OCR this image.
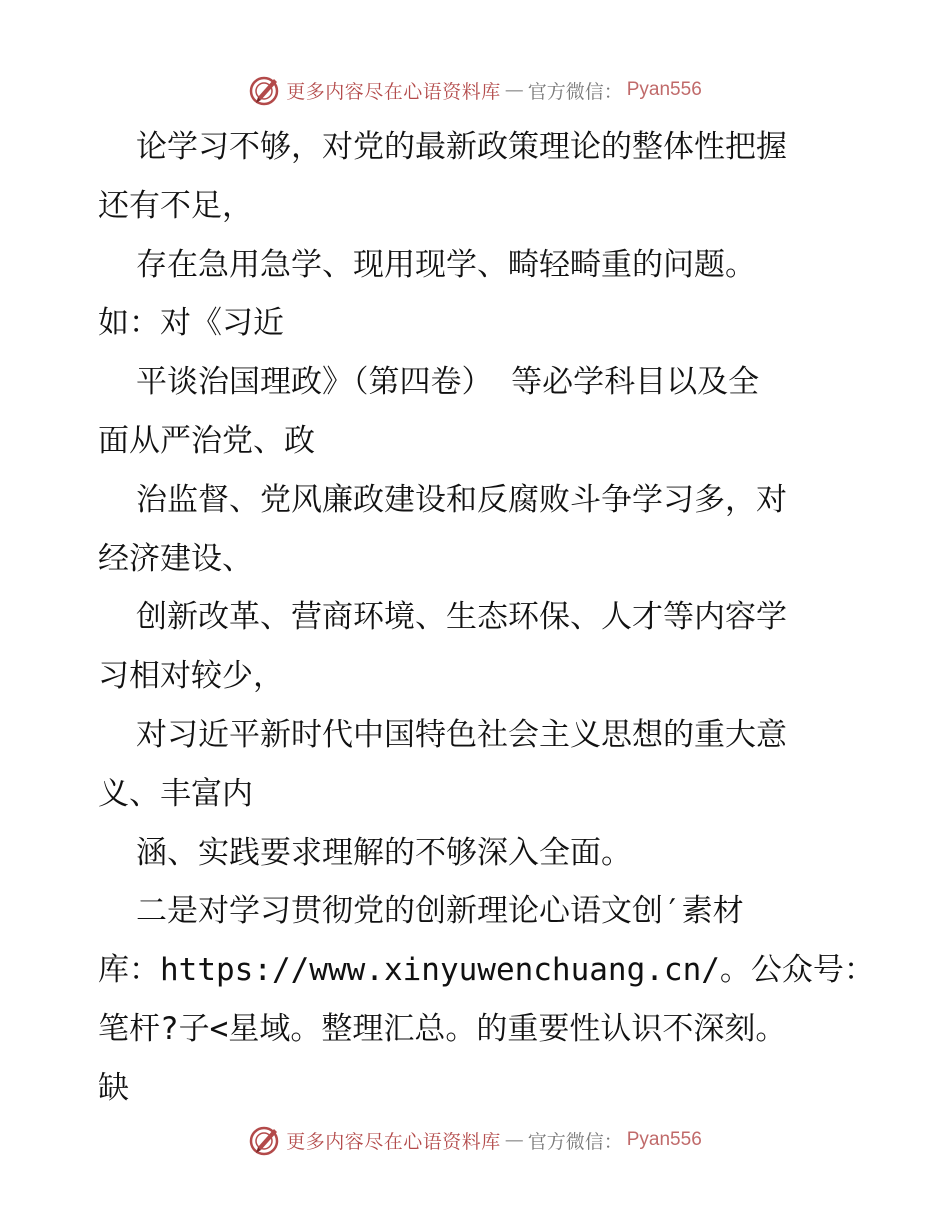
更多内容尽在心语资料库 — 官方微信： Pyan556
论学习不够，对党的最新政策理论的整体性把握
还有不足，
存在急用急学、现用现学、畸轻畸重的问题。
如：对《习近
平谈治国理政》（第四卷） 等必学科目以及全
面从严治党、政
治监督、党风廉政建设和反腐败斗争学习多，对
经济建设、
创新改革、营商环境、生态环保、人才等内容学
习相对较少，
对习近平新时代中国特色社会主义思想的重大意
义、丰富内
涵、实践要求理解的不够深入全面。
二是对学习贯彻党的创新理论心语文创′素材
库：https://www.xinyuwenchuang.cn/。公众号：
笔杆?子<星域。整理汇总。的重要性认识不深刻。
缺
更多内容尽在心语资料库 — 官方微信： Pyan556
